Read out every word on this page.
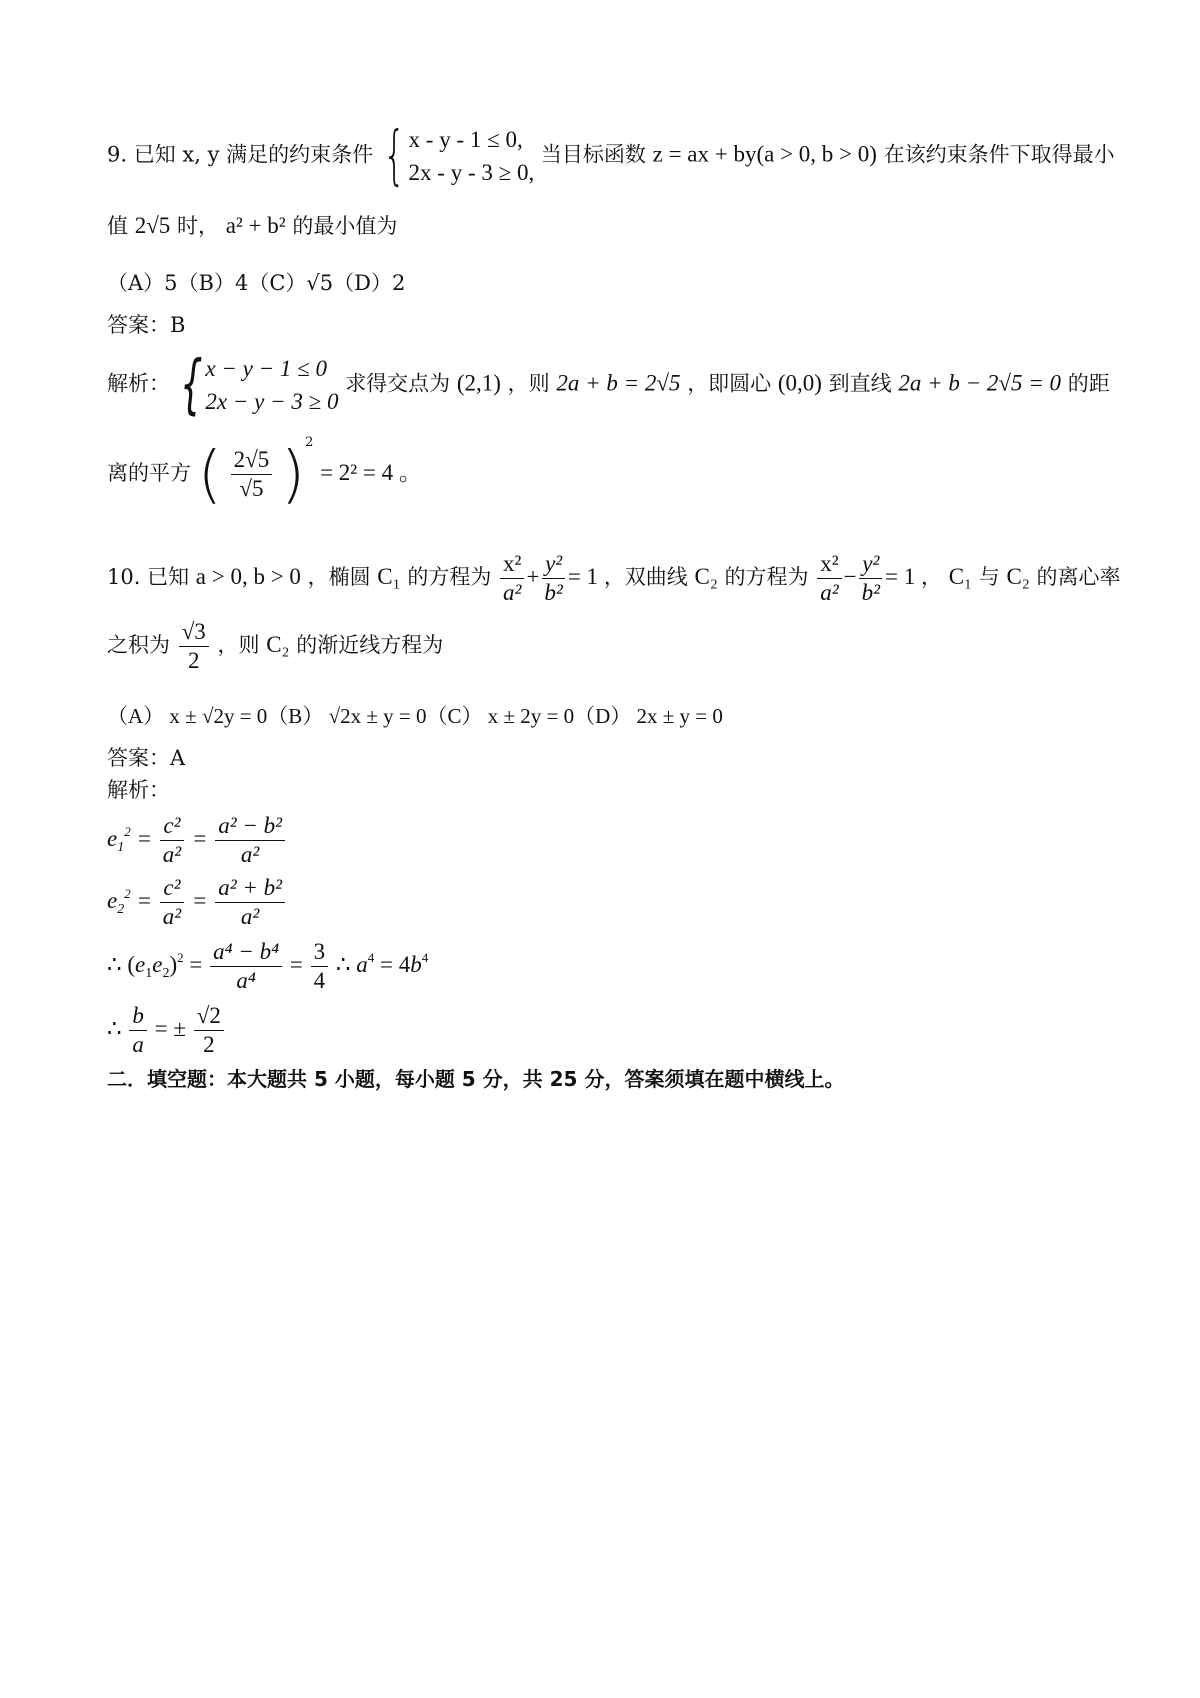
9. 已知 x, y 满足的约束条件 { x - y - 1 ≤ 0,
2x - y - 3 ≥ 0,
当目标函数 z = ax + by(a > 0, b > 0) 在该约束条件下取得最小
值 2√5 时， a² + b² 的最小值为
（A）5（B）4（C）√5（D）2
答案：B
解析： { x − y − 1 ≤ 0
2x − y − 3 ≥ 0
求得交点为 (2,1) ，则 2a + b = 2√5 ，即圆心 (0,0) 到直线 2a + b − 2√5 = 0 的距
离的平方 ( $\frac{2√5}{√5} )^2 = 2^2 = 4$ 。
10. 已知 a > 0, b > 0 ，椭圆 C₁ 的方程为 $\frac{\text{x²}}{\text{a²}} + \frac{\text{y²}}{\text{b²}} = 1$ ，双曲线 C₂ 的方程为 $\frac{\text{x²}}{\text{a²}} - \frac{\text{y²}}{\text{b²}} = 1$ ， C₁ 与 C₂ 的离心率
之积为 $\frac{√3}{2}$ ，则 C₂ 的渐近线方程为
（A） x ± √2y = 0（B） √2x ± y = 0（C） x ± 2y = 0（D） 2x ± y = 0
答案：A
解析：
$e_1^2 = \frac{\text{c²}}{\text{a²}} = \frac{\text{a² − b²}}{\text{a²}}$
$e_2^2 = \frac{\text{c²}}{\text{a²}} = \frac{\text{a² + b²}}{\text{a²}}$
∴ $(e_1e_2)^2 = \frac{\text{a⁴ − b⁴}}{\text{a⁴}} = \frac{3}{4}$ ∴ $a^4 = 4b^4$
∴ $\frac{b}{a}$ = ± $\frac{√2}{2}$
二．填空题：本大题共 5 小题，每小题 5 分，共 25 分，答案须填在题中横线上。
